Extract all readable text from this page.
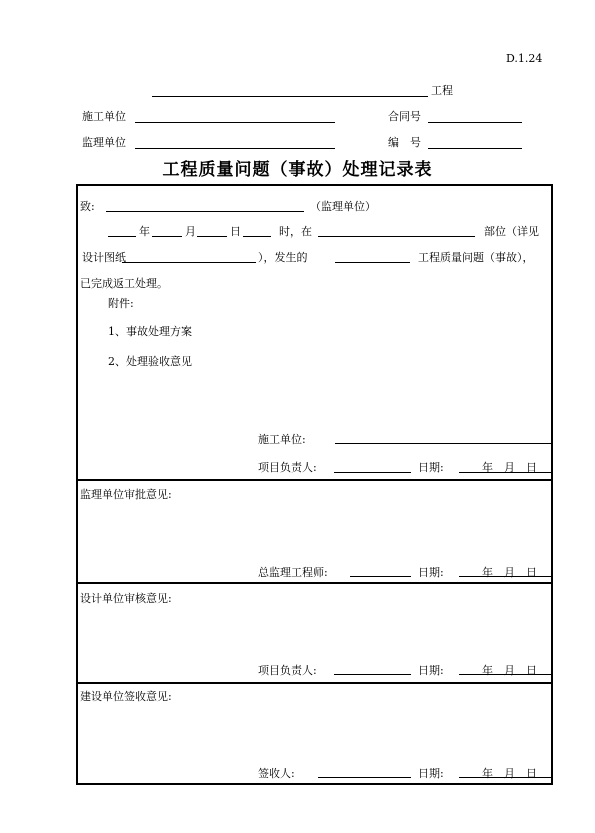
D.1.24
工程
施工单位	合同号
监理单位	编　号
工程质量问题（事故）处理记录表
致:	（监理单位）
年	月	日	时，在	部位（详见
设计图纸	），发生的	工程质量问题（事故），
已完成返工处理。
附件:
1、事故处理方案
2、处理验收意见
施工单位:
项目负责人:	日期:	年　月　日
监理单位审批意见:
总监理工程师:	日期:	年　月　日
设计单位审核意见:
项目负责人:	日期:	年　月　日
建设单位签收意见:
签收人:	日期:	年　月　日
